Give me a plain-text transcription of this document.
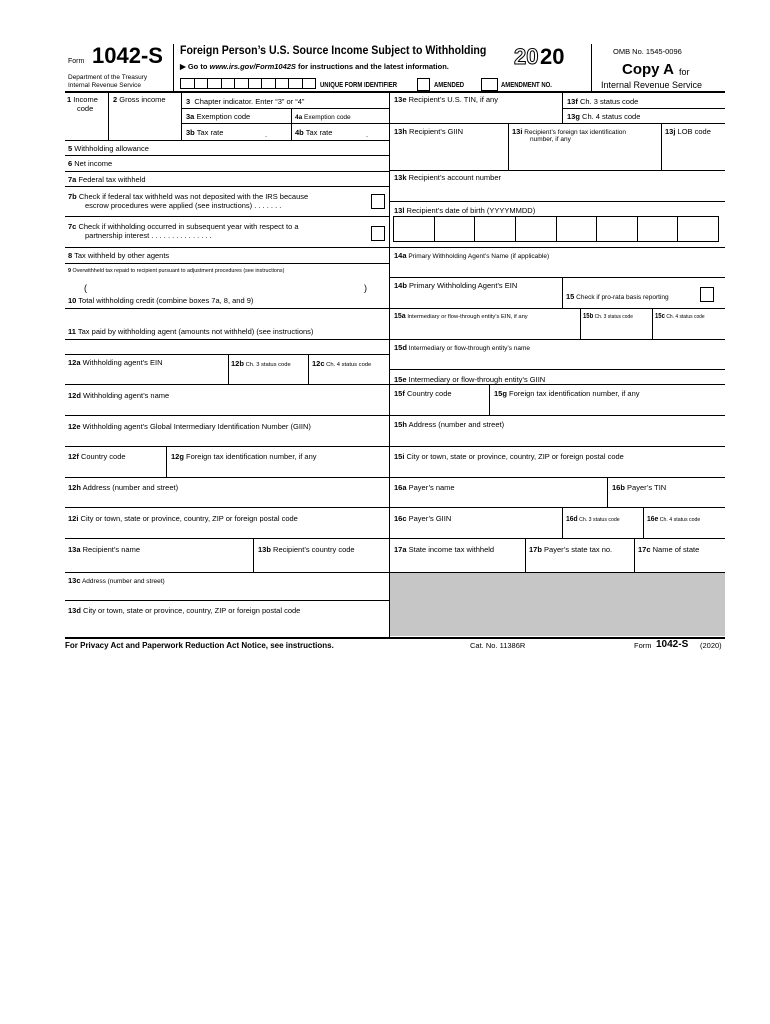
Form 1042-S
Department of the Treasury
Internal Revenue Service
Foreign Person’s U.S. Source Income Subject to Withholding
▶ Go to www.irs.gov/Form1042S for instructions and the latest information.	20 20	OMB No. 1545-0096
Copy A for
Internal Revenue Service
UNIQUE FORM IDENTIFIER	AMENDED	AMENDMENT NO.
1 Income
code
2 Gross income	3 Chapter indicator. Enter “3” or “4”
3a Exemption code	4a Exemption code
3b Tax rate	.	4b Tax rate	.
5 Withholding allowance
6 Net income
7a Federal tax withheld
7b Check if federal tax withheld was not deposited with the IRS because
escrow procedures were applied (see instructions) . . . . . . .
7c Check if withholding occurred in subsequent year with respect to a
partnership interest . . . . . . . . . . . . . . .
8 Tax withheld by other agents
9 Overwithheld tax repaid to recipient pursuant to adjustment procedures (see instructions)
(	)
10 Total withholding credit (combine boxes 7a, 8, and 9)
11 Tax paid by withholding agent (amounts not withheld) (see instructions)
12a Withholding agent’s EIN	12b Ch. 3 status code	12c Ch. 4 status code
12d Withholding agent’s name
12e Withholding agent’s Global Intermediary Identification Number (GIIN)
12f Country code	12g Foreign tax identification number, if any
12h Address (number and street)
12i City or town, state or province, country, ZIP or foreign postal code
13a Recipient’s name	13b Recipient’s country code
13c Address (number and street)
13d City or town, state or province, country, ZIP or foreign postal code
13e Recipient’s U.S. TIN, if any	13f Ch. 3 status code
13g Ch. 4 status code
13h Recipient’s GIIN	13i Recipient’s foreign tax identification
number, if any
13j LOB code
13k Recipient’s account number
13l Recipient’s date of birth (YYYYMMDD)
14a Primary Withholding Agent’s Name (if applicable)
14b Primary Withholding Agent’s EIN
15 Check if pro-rata basis reporting
15a Intermediary or flow-through entity’s EIN, if any	15b Ch. 3 status code	15c Ch. 4 status code
15d Intermediary or flow-through entity’s name
15e Intermediary or flow-through entity’s GIIN
15f Country code	15g Foreign tax identification number, if any
15h Address (number and street)
15i City or town, state or province, country, ZIP or foreign postal code
16a Payer’s name	16b Payer’s TIN
16c Payer’s GIIN	16d Ch. 3 status code	16e Ch. 4 status code
17a State income tax withheld	17b Payer’s state tax no.	17c Name of state
For Privacy Act and Paperwork Reduction Act Notice, see instructions.	Cat. No. 11386R	Form 1042-S (2020)
